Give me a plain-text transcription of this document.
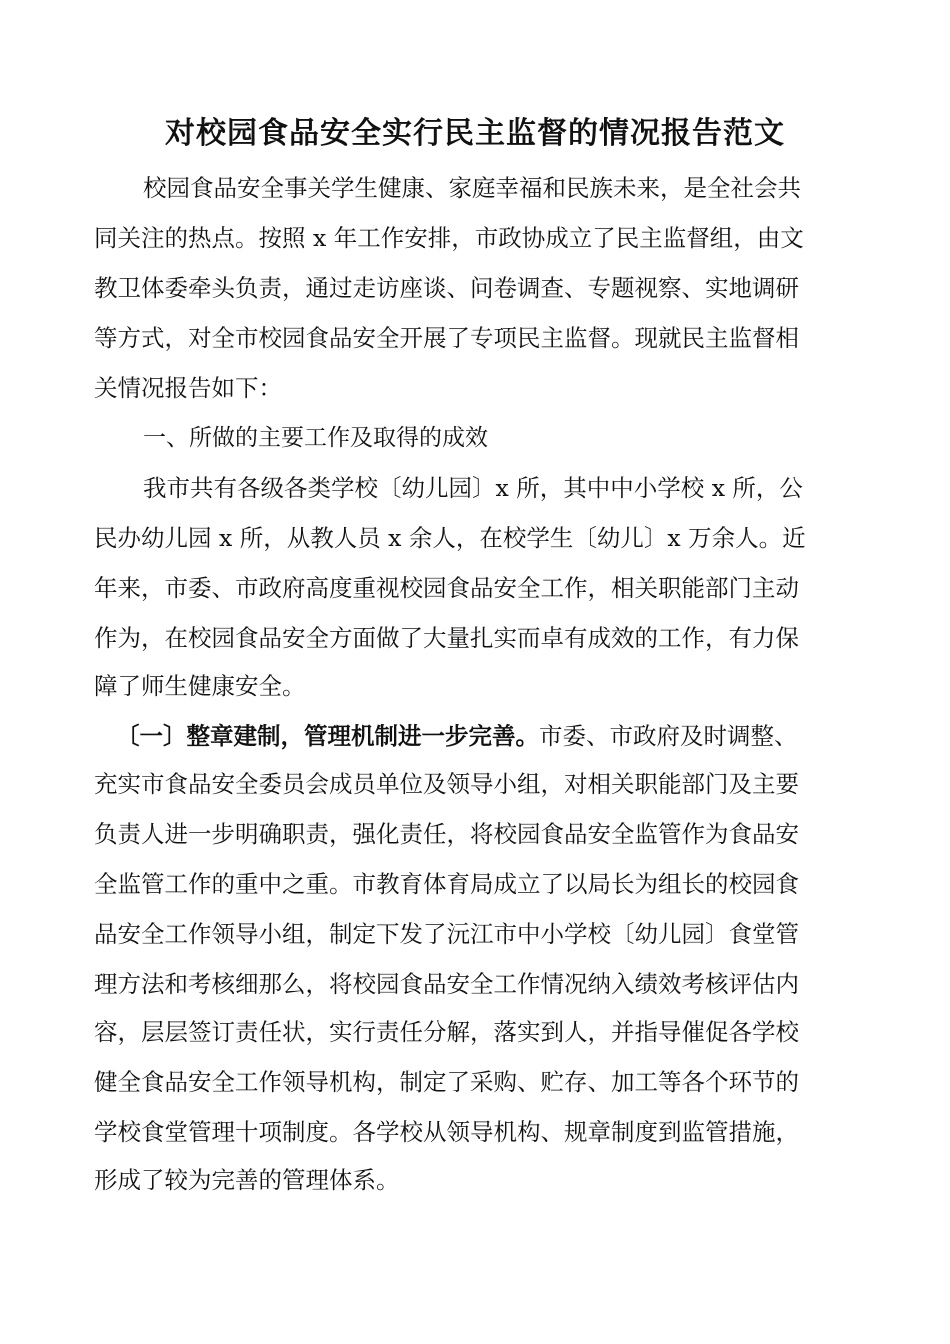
对校园食品安全实行民主监督的情况报告范文

校园食品安全事关学生健康、家庭幸福和民族未来，是全社会共

同关注的热点。按照 x 年工作安排，市政协成立了民主监督组，由文

教卫体委牵头负责，通过走访座谈、问卷调查、专题视察、实地调研

等方式，对全市校园食品安全开展了专项民主监督。现就民主监督相

关情况报告如下：

一、所做的主要工作及取得的成效

我市共有各级各类学校〔幼儿园〕x 所，其中中小学校 x 所，公

民办幼儿园 x 所，从教人员 x 余人，在校学生〔幼儿〕x 万余人。近

年来，市委、市政府高度重视校园食品安全工作，相关职能部门主动

作为，在校园食品安全方面做了大量扎实而卓有成效的工作，有力保

障了师生健康安全。

〔一〕整章建制，管理机制进一步完善。市委、市政府及时调整、

充实市食品安全委员会成员单位及领导小组，对相关职能部门及主要

负责人进一步明确职责，强化责任，将校园食品安全监管作为食品安

全监管工作的重中之重。市教育体育局成立了以局长为组长的校园食

品安全工作领导小组，制定下发了沅江市中小学校〔幼儿园〕食堂管

理方法和考核细那么，将校园食品安全工作情况纳入绩效考核评估内

容，层层签订责任状，实行责任分解，落实到人，并指导催促各学校

健全食品安全工作领导机构，制定了采购、贮存、加工等各个环节的

学校食堂管理十项制度。各学校从领导机构、规章制度到监管措施，

形成了较为完善的管理体系。
